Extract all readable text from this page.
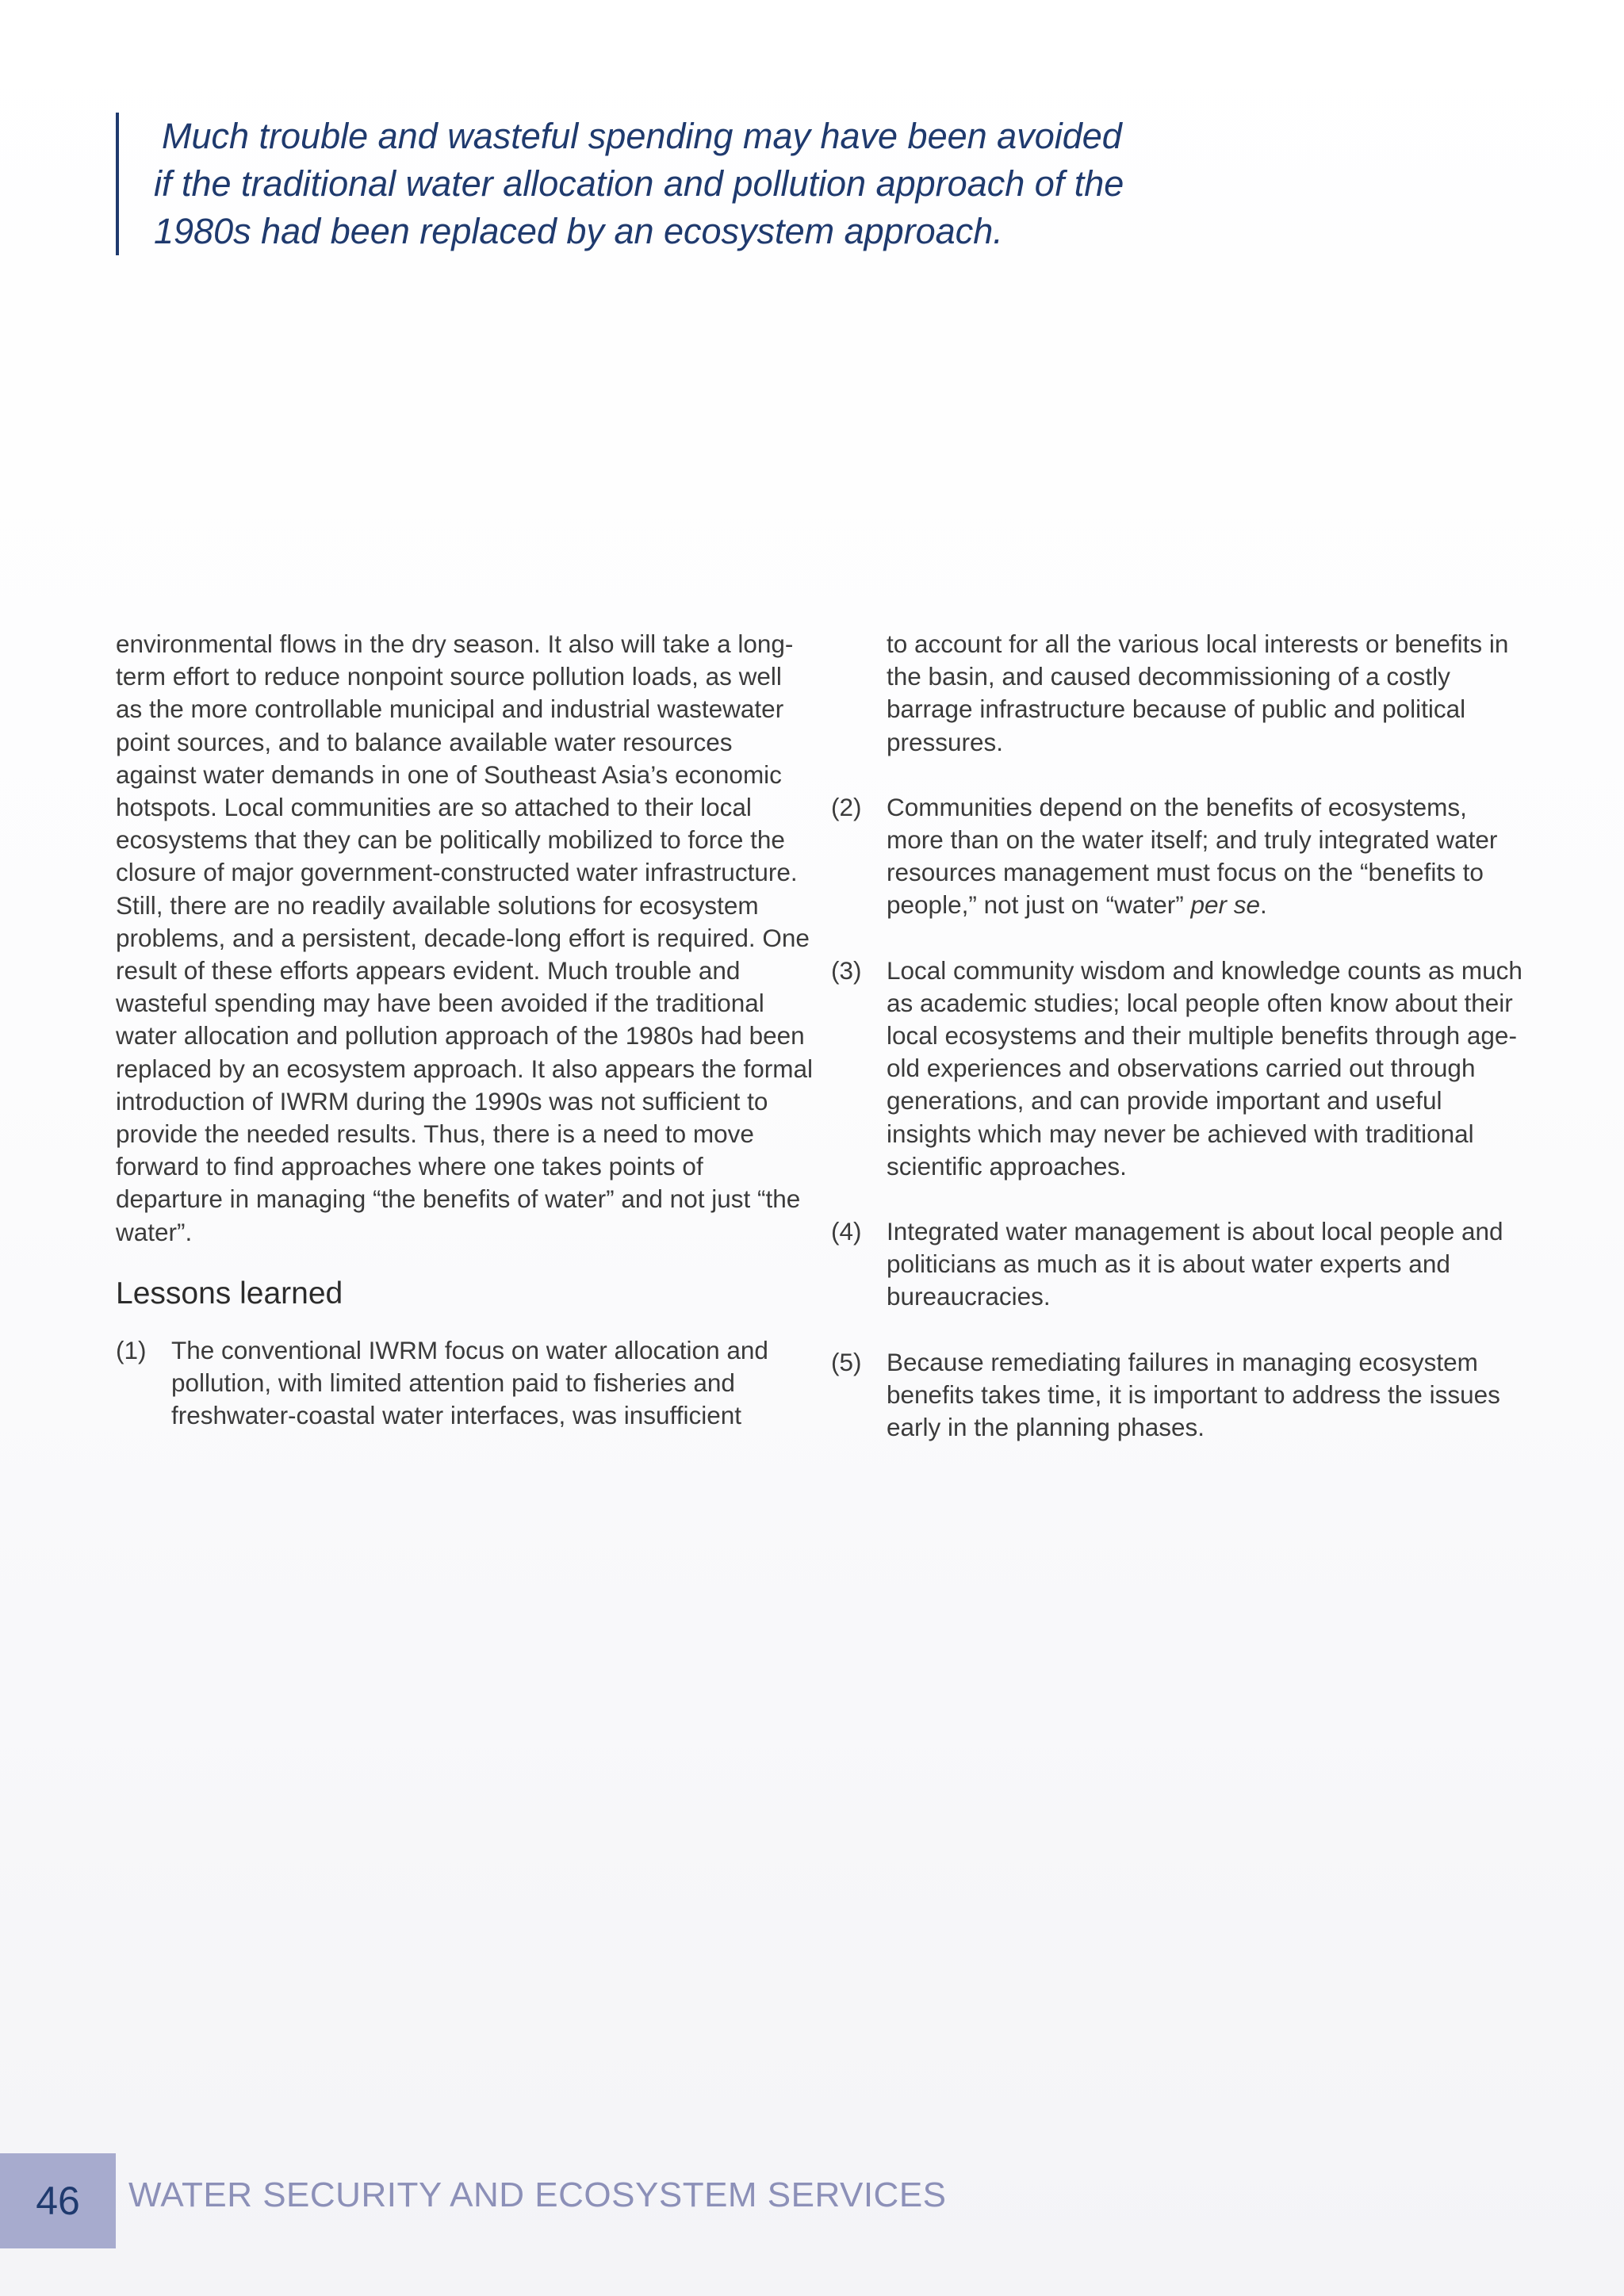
Much trouble and wasteful spending may have been avoided
if the traditional water allocation and pollution approach of the
1980s had been replaced by an ecosystem approach.

environmental flows in the dry season. It also will take a long-term effort to reduce nonpoint source pollution loads, as well as the more controllable municipal and industrial wastewater point sources, and to balance available water resources against water demands in one of Southeast Asia’s economic hotspots. Local communities are so attached to their local ecosystems that they can be politically mobilized to force the closure of major government-constructed water infrastructure. Still, there are no readily available solutions for ecosystem problems, and a persistent, decade-long effort is required. One result of these efforts appears evident. Much trouble and wasteful spending may have been avoided if the traditional water allocation and pollution approach of the 1980s had been replaced by an ecosystem approach. It also appears the formal introduction of IWRM during the 1990s was not sufficient to provide the needed results. Thus, there is a need to move forward to find approaches where one takes points of departure in managing “the benefits of water” and not just “the water”.

Lessons learned
(1)	The conventional IWRM focus on water allocation and pollution, with limited attention paid to fisheries and freshwater-coastal water interfaces, was insufficient
to account for all the various local interests or benefits in the basin, and caused decommissioning of a costly barrage infrastructure because of public and political pressures.
(2)	Communities depend on the benefits of ecosystems, more than on the water itself; and truly integrated water resources management must focus on the “benefits to people,” not just on “water” per se.
(3)	Local community wisdom and knowledge counts as much as academic studies; local people often know about their local ecosystems and their multiple benefits through age-old experiences and observations carried out through generations, and can provide important and useful insights which may never be achieved with traditional scientific approaches.
(4)	Integrated water management is about local people and politicians as much as it is about water experts and bureaucracies.
(5)	Because remediating failures in managing ecosystem benefits takes time, it is important to address the issues early in the planning phases.
46 WATER SECURITY AND ECOSYSTEM SERVICES
